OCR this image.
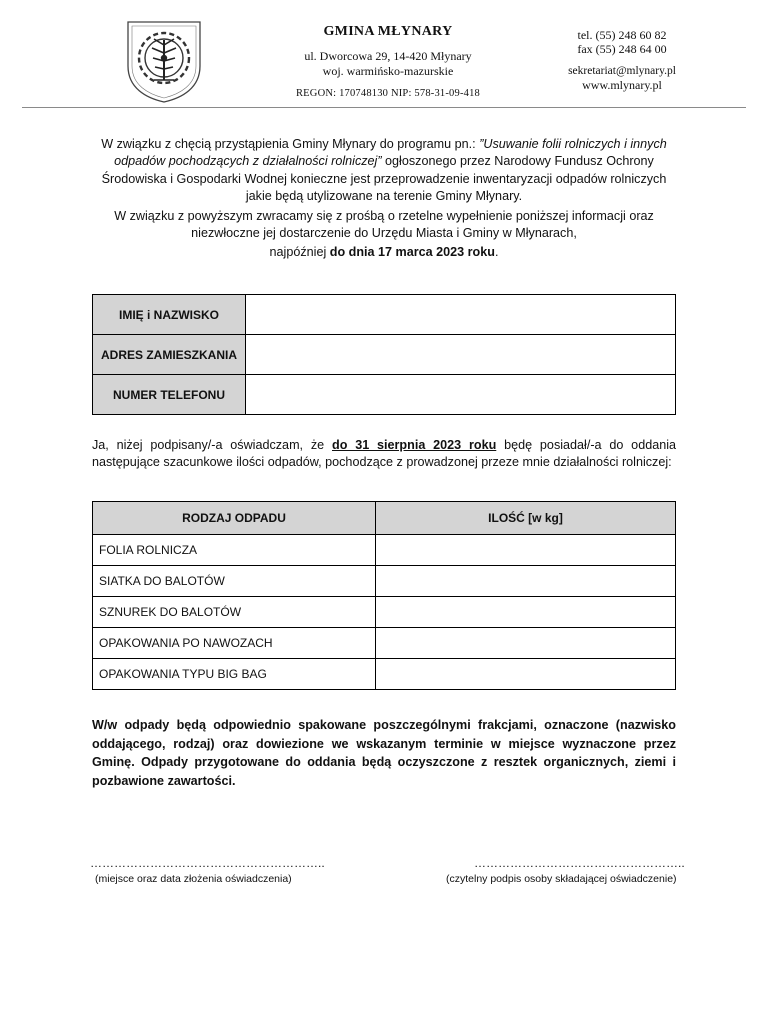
GMINA MŁYNARY
ul. Dworcowa 29, 14-420 Młynary
woj. warmińsko-mazurskie
REGON: 170748130 NIP: 578-31-09-418
tel. (55) 248 60 82
fax (55) 248 64 00
sekretariat@mlynary.pl
www.mlynary.pl

W związku z chęcią przystąpienia Gminy Młynary do programu pn.: ”Usuwanie folii rolniczych i innych odpadów pochodzących z działalności rolniczej” ogłoszonego przez Narodowy Fundusz Ochrony Środowiska i Gospodarki Wodnej konieczne jest przeprowadzenie inwentaryzacji odpadów rolniczych jakie będą utylizowane na terenie Gminy Młynary.

W związku z powyższym zwracamy się z prośbą o rzetelne wypełnienie poniższej informacji oraz niezwłoczne jej dostarczenie do Urzędu Miasta i Gminy w Młynarach,

najpóźniej do dnia 17 marca 2023 roku.

IMIĘ i NAZWISKO	
ADRES ZAMIESZKANIA	
NUMER TELEFONU	
Ja, niżej podpisany/-a oświadczam, że do 31 sierpnia 2023 roku będę posiadał/-a do oddania następujące szacunkowe ilości odpadów, pochodzące z prowadzonej przeze mnie działalności rolniczej:
RODZAJ ODPADU	ILOŚĆ [w kg]
FOLIA ROLNICZA	
SIATKA DO BALOTÓW	
SZNUREK DO BALOTÓW	
OPAKOWANIA PO NAWOZACH	
OPAKOWANIA TYPU BIG BAG	
W/w odpady będą odpowiednio spakowane poszczególnymi frakcjami, oznaczone (nazwisko oddającego, rodzaj) oraz dowiezione we wskazanym terminie w miejsce wyznaczone przez Gminę. Odpady przygotowane do oddania będą oczyszczone z resztek organicznych, ziemi i pozbawione zawartości.
…………………………………………………..
(miejsce oraz data złożenia oświadczenia)
……………………………………………..
(czytelny podpis osoby składającej oświadczenie)
